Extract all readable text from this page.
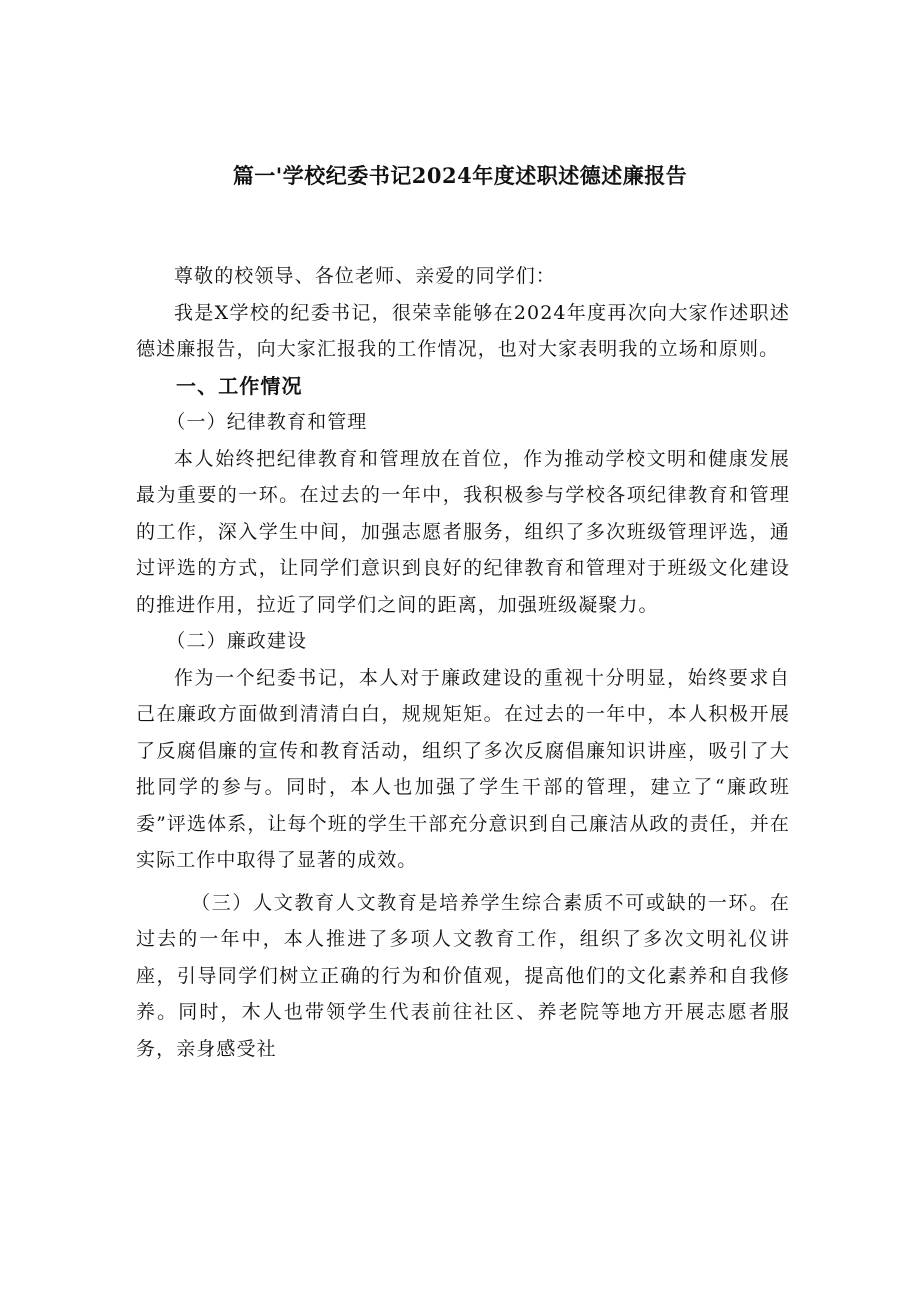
篇一'学校纪委书记2024年度述职述德述廉报告

尊敬的校领导、各位老师、亲爱的同学们：

我是X学校的纪委书记，很荣幸能够在2024年度再次向大家作述职述德述廉报告，向大家汇报我的工作情况，也对大家表明我的立场和原则。

一、工作情况

（一）纪律教育和管理

本人始终把纪律教育和管理放在首位，作为推动学校文明和健康发展最为重要的一环。在过去的一年中，我积极参与学校各项纪律教育和管理的工作，深入学生中间，加强志愿者服务，组织了多次班级管理评选，通过评选的方式，让同学们意识到良好的纪律教育和管理对于班级文化建设的推进作用，拉近了同学们之间的距离，加强班级凝聚力。

（二）廉政建设

作为一个纪委书记，本人对于廉政建设的重视十分明显，始终要求自己在廉政方面做到清清白白，规规矩矩。在过去的一年中，本人积极开展了反腐倡廉的宣传和教育活动，组织了多次反腐倡廉知识讲座，吸引了大批同学的参与。同时，本人也加强了学生干部的管理，建立了“廉政班委”评选体系，让每个班的学生干部充分意识到自己廉洁从政的责任，并在实际工作中取得了显著的成效。

（三）人文教育人文教育是培养学生综合素质不可或缺的一环。在过去的一年中，本人推进了多项人文教育工作，组织了多次文明礼仪讲座，引导同学们树立正确的行为和价值观，提高他们的文化素养和自我修养。同时，木人也带领学生代表前往社区、养老院等地方开展志愿者服务，亲身感受社
